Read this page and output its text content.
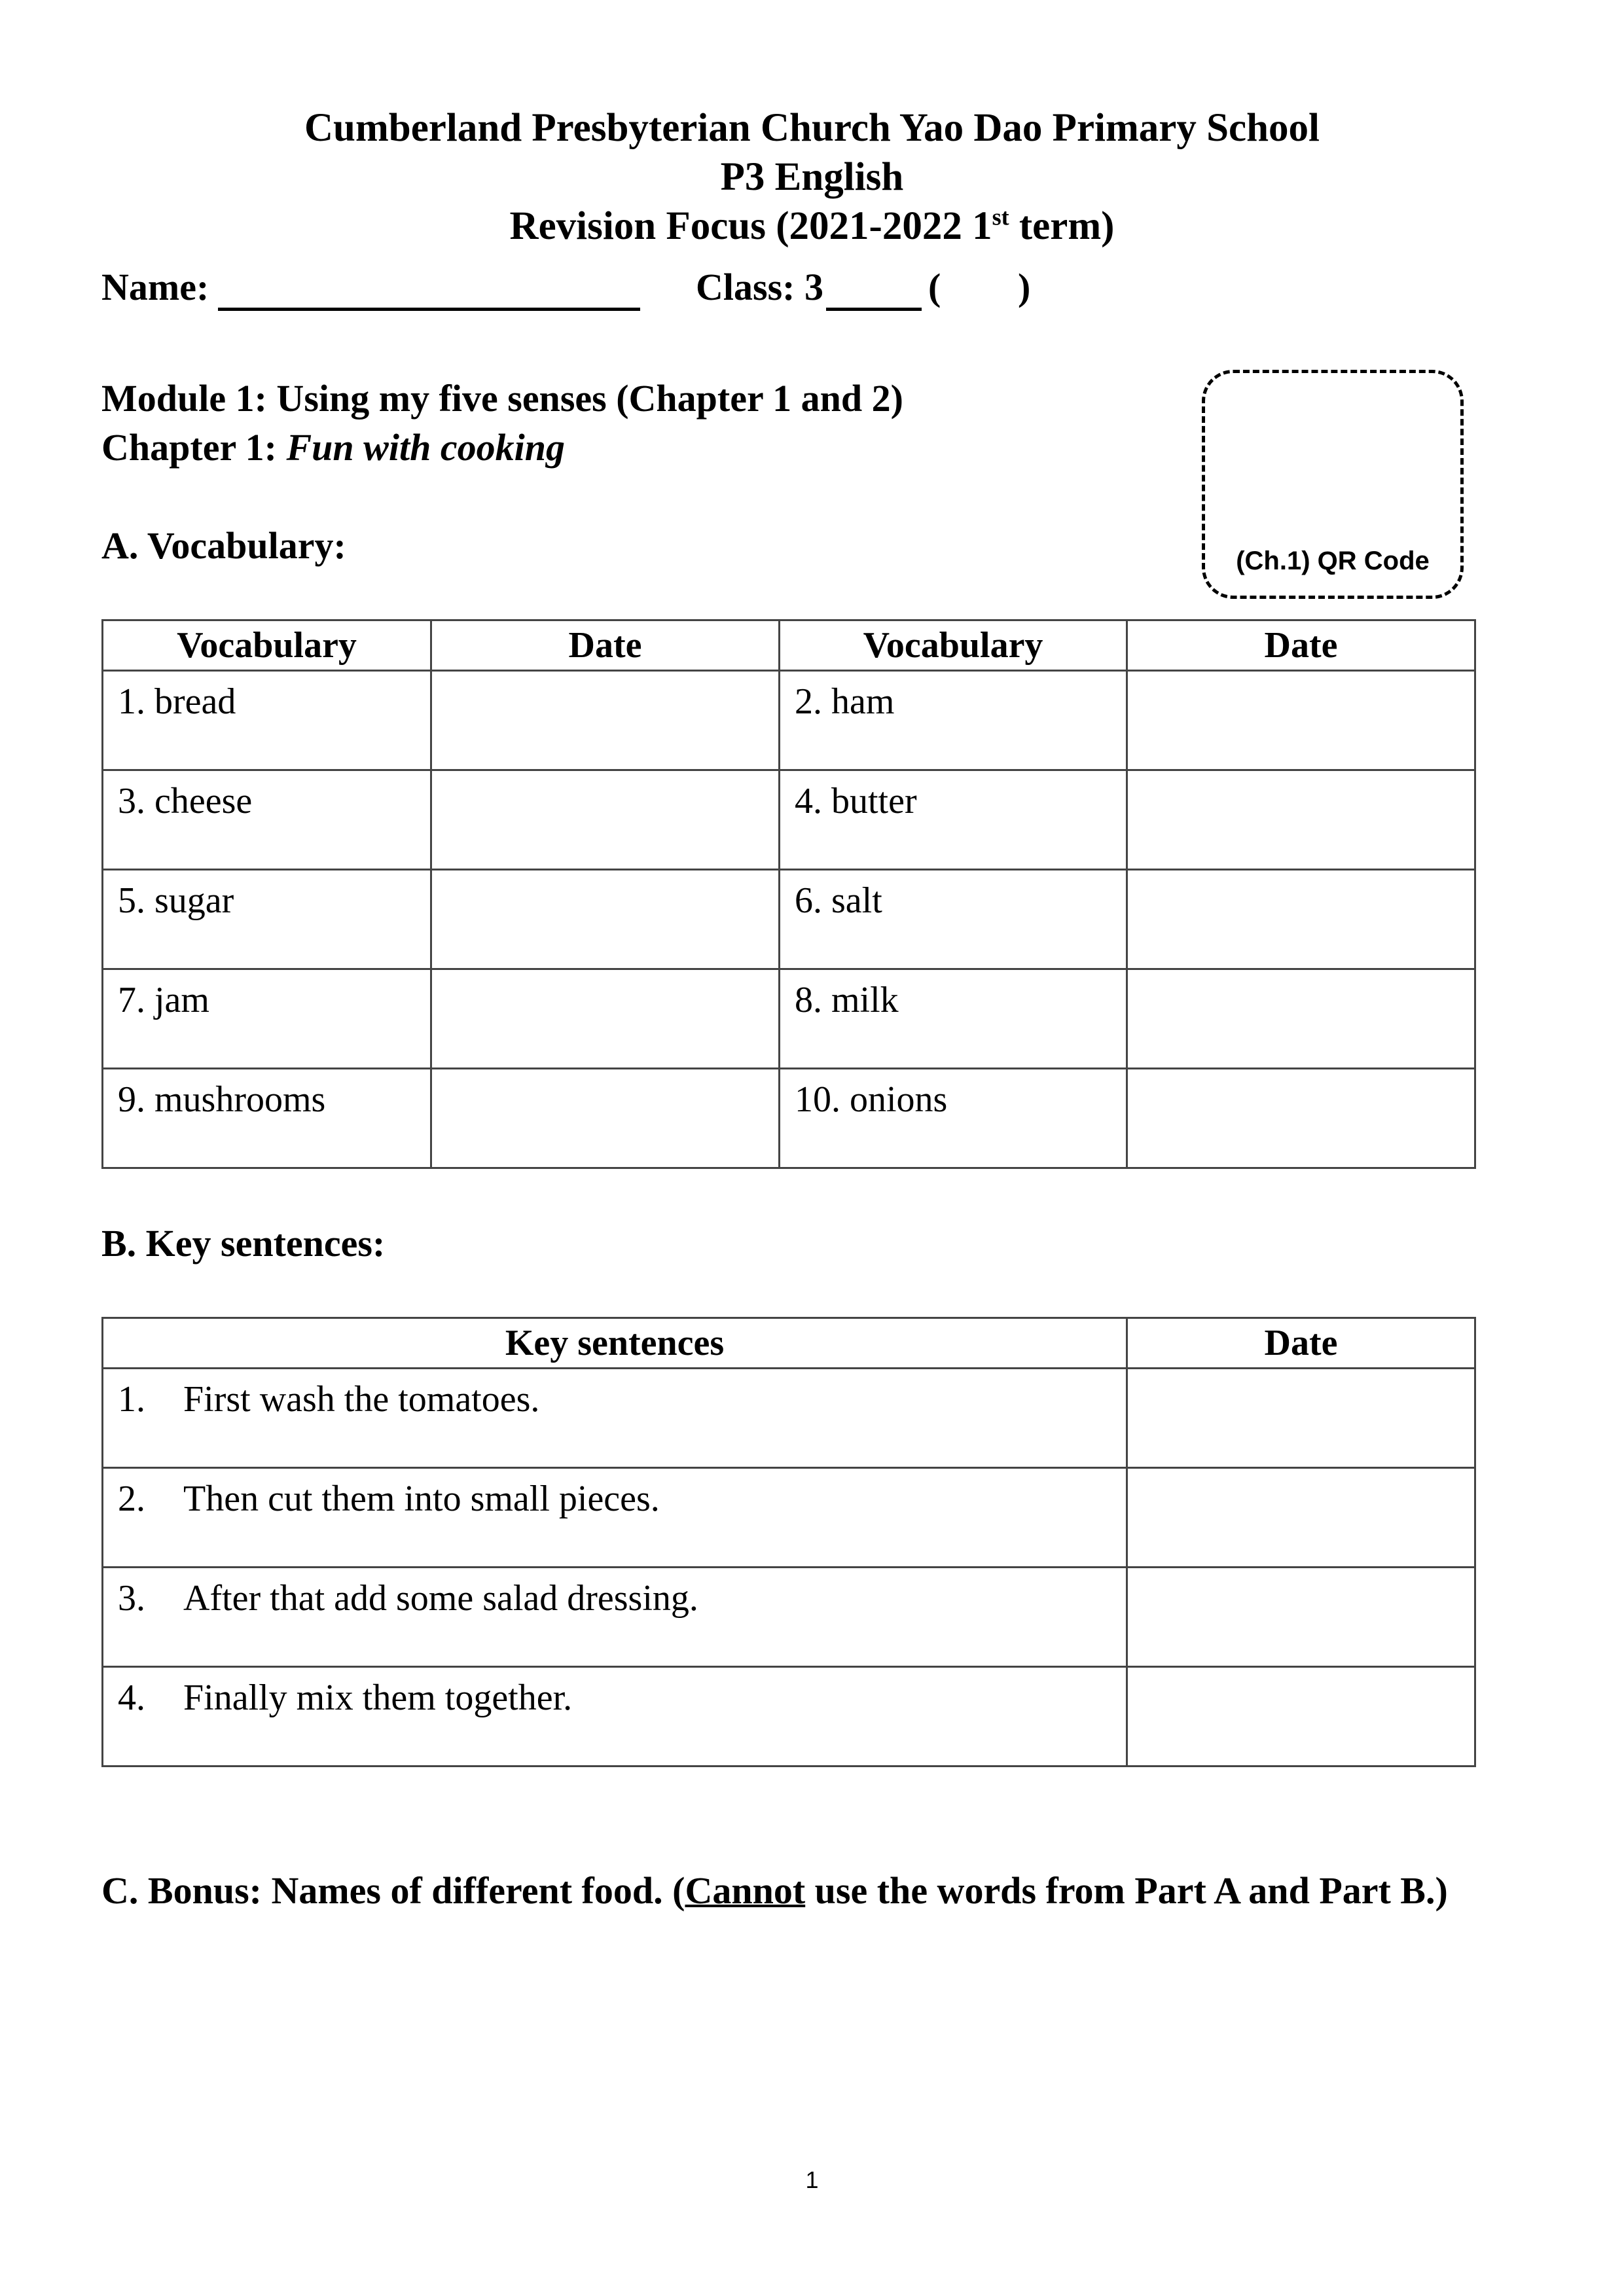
Cumberland Presbyterian Church Yao Dao Primary School
P3 English
Revision Focus (2021-2022 1st term)
Name:	Class: 3	( )
Module 1: Using my five senses (Chapter 1 and 2)
Chapter 1: Fun with cooking
(Ch.1) QR Code
A. Vocabulary:
Vocabulary	Date	Vocabulary	Date
1. bread		2. ham	
3. cheese		4. butter	
5. sugar		6. salt	
7. jam		8. milk	
9. mushrooms		10. onions	
B. Key sentences:
Key sentences	Date
1. First wash the tomatoes.	
2. Then cut them into small pieces.	
3. After that add some salad dressing.	
4. Finally mix them together.	
C. Bonus: Names of different food. (Cannot use the words from Part A and Part B.)
1
